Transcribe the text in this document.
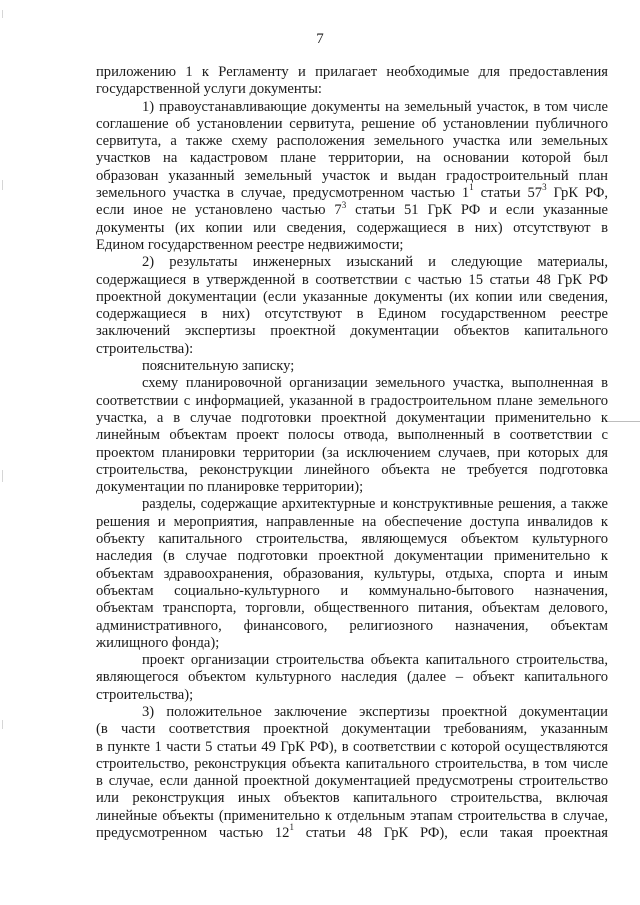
7
приложению 1 к Регламенту и прилагает необходимые для предоставления
государственной услуги документы:
1) правоустанавливающие документы на земельный участок, в том числе
соглашение об установлении сервитута, решение об установлении публичного
сервитута, а также схему расположения земельного участка или земельных
участков на кадастровом плане территории, на основании которой был
образован указанный земельный участок и выдан градостроительный план
земельного участка в случае, предусмотренном частью $1^1$ статьи $57^3$ ГрК РФ,
если иное не установлено частью $7^3$ статьи 51 ГрК РФ и если указанные
документы (их копии или сведения, содержащиеся в них) отсутствуют в
Едином государственном реестре недвижимости;
2) результаты инженерных изысканий и следующие материалы,
содержащиеся в утвержденной в соответствии с частью 15 статьи 48 ГрК РФ
проектной документации (если указанные документы (их копии или сведения,
содержащиеся в них) отсутствуют в Едином государственном реестре
заключений экспертизы проектной документации объектов капитального
строительства):
пояснительную записку;
схему планировочной организации земельного участка, выполненная в
соответствии с информацией, указанной в градостроительном плане земельного
участка, а в случае подготовки проектной документации применительно к
линейным объектам проект полосы отвода, выполненный в соответствии с
проектом планировки территории (за исключением случаев, при которых для
строительства, реконструкции линейного объекта не требуется подготовка
документации по планировке территории);
разделы, содержащие архитектурные и конструктивные решения, а также
решения и мероприятия, направленные на обеспечение доступа инвалидов к
объекту капитального строительства, являющемуся объектом культурного
наследия (в случае подготовки проектной документации применительно к
объектам здравоохранения, образования, культуры, отдыха, спорта и иным
объектам социально-культурного и коммунально-бытового назначения,
объектам транспорта, торговли, общественного питания, объектам делового,
административного, финансового, религиозного назначения, объектам
жилищного фонда);
проект организации строительства объекта капитального строительства,
являющегося объектом культурного наследия (далее – объект капитального
строительства);
3) положительное заключение экспертизы проектной документации
(в части соответствия проектной документации требованиям, указанным
в пункте 1 части 5 статьи 49 ГрК РФ), в соответствии с которой осуществляются
строительство, реконструкция объекта капитального строительства, в том числе
в случае, если данной проектной документацией предусмотрены строительство
или реконструкция иных объектов капитального строительства, включая
линейные объекты (применительно к отдельным этапам строительства в случае,
предусмотренном частью $12^1$ статьи 48 ГрК РФ), если такая проектная
